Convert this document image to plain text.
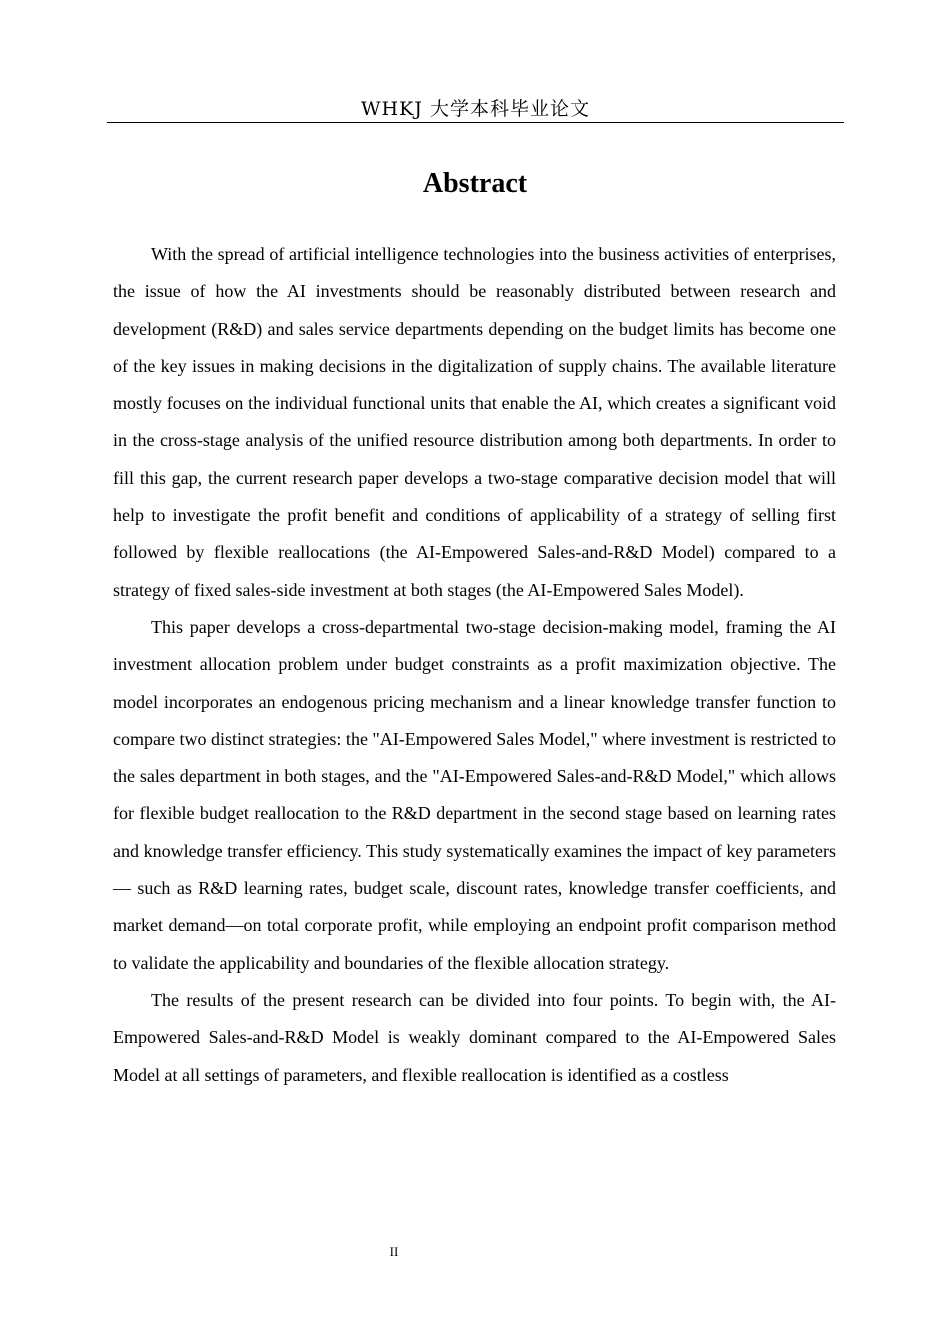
WHKJ 大学本科毕业论文
Abstract

With the spread of artificial intelligence technologies into the business activities of enterprises, the issue of how the AI investments should be reasonably distributed between research and development (R&D) and sales service departments depending on the budget limits has become one of the key issues in making decisions in the digitalization of supply chains. The available literature mostly focuses on the individual functional units that enable the AI, which creates a significant void in the cross-stage analysis of the unified resource distribution among both departments. In order to fill this gap, the current research paper develops a two-stage comparative decision model that will help to investigate the profit benefit and conditions of applicability of a strategy of selling first followed by flexible reallocations (the AI-Empowered Sales-and-R&D Model) compared to a strategy of fixed sales-side investment at both stages (the AI-Empowered Sales Model).

This paper develops a cross-departmental two-stage decision-making model, framing the AI investment allocation problem under budget constraints as a profit maximization objective. The model incorporates an endogenous pricing mechanism and a linear knowledge transfer function to compare two distinct strategies: the "AI-Empowered Sales Model," where investment is restricted to the sales department in both stages, and the "AI-Empowered Sales-and-R&D Model," which allows for flexible budget reallocation to the R&D department in the second stage based on learning rates and knowledge transfer efficiency. This study systematically examines the impact of key parameters— such as R&D learning rates, budget scale, discount rates, knowledge transfer coefficients, and market demand—on total corporate profit, while employing an endpoint profit comparison method to validate the applicability and boundaries of the flexible allocation strategy.

The results of the present research can be divided into four points. To begin with, the AI-Empowered Sales-and-R&D Model is weakly dominant compared to the AI-Empowered Sales Model at all settings of parameters, and flexible reallocation is identified as a costless

II
